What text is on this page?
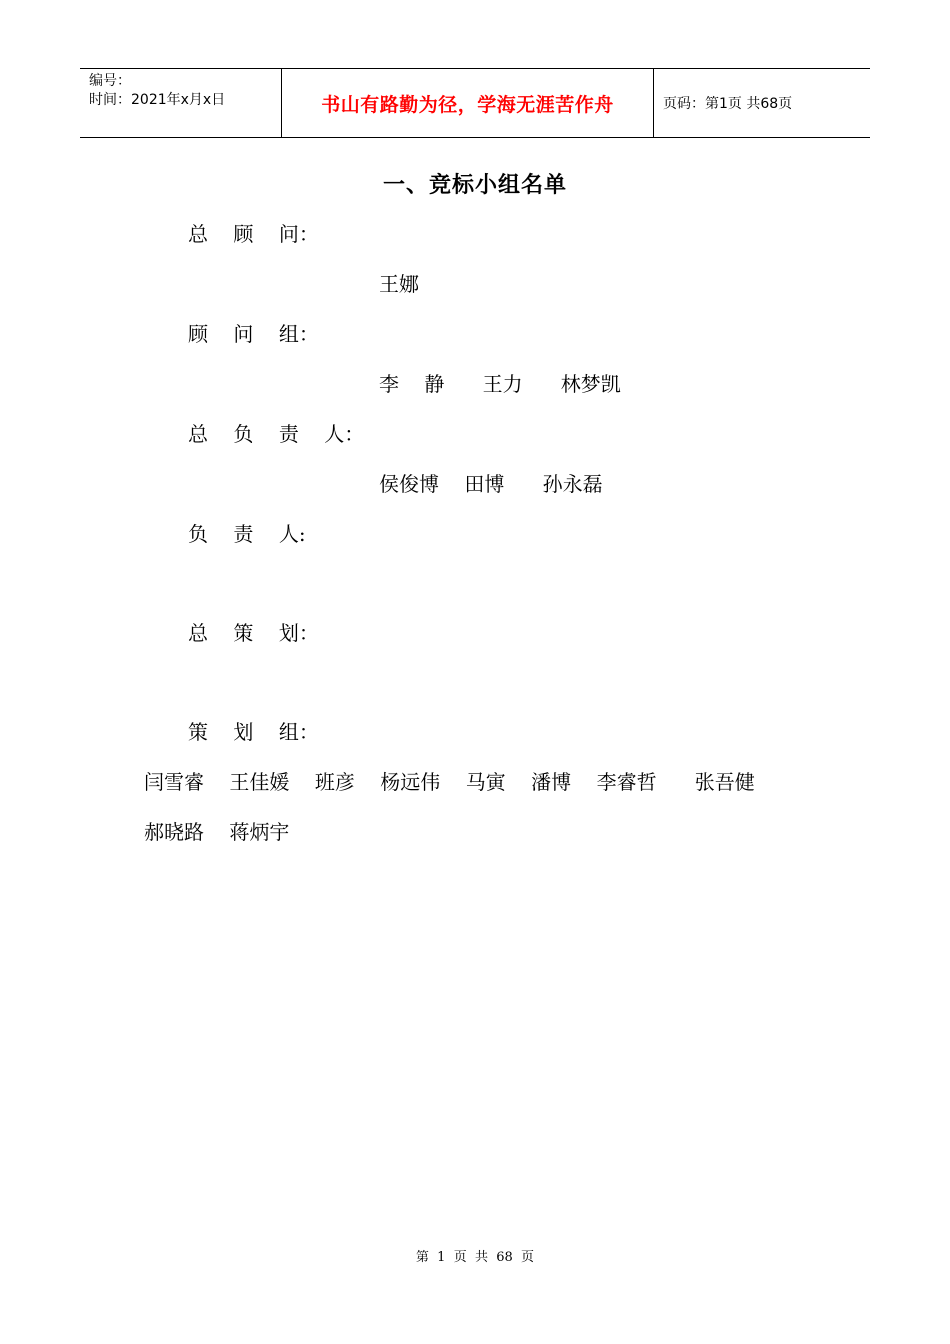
编号：
时间：2021年x月x日	书山有路勤为径，学海无涯苦作舟	页码：第1页 共68页
一、竞标小组名单
总    顾    问：
王娜
顾    问    组：
李    静      王力      林梦凯
总    负    责    人：
侯俊博    田博      孙永磊
负    责    人:
总    策    划：
策    划    组：
闫雪睿    王佳媛    班彦    杨远伟    马寅    潘博    李睿哲      张吾健
郝晓路    蒋炳宇
第  1  页  共  68  页
